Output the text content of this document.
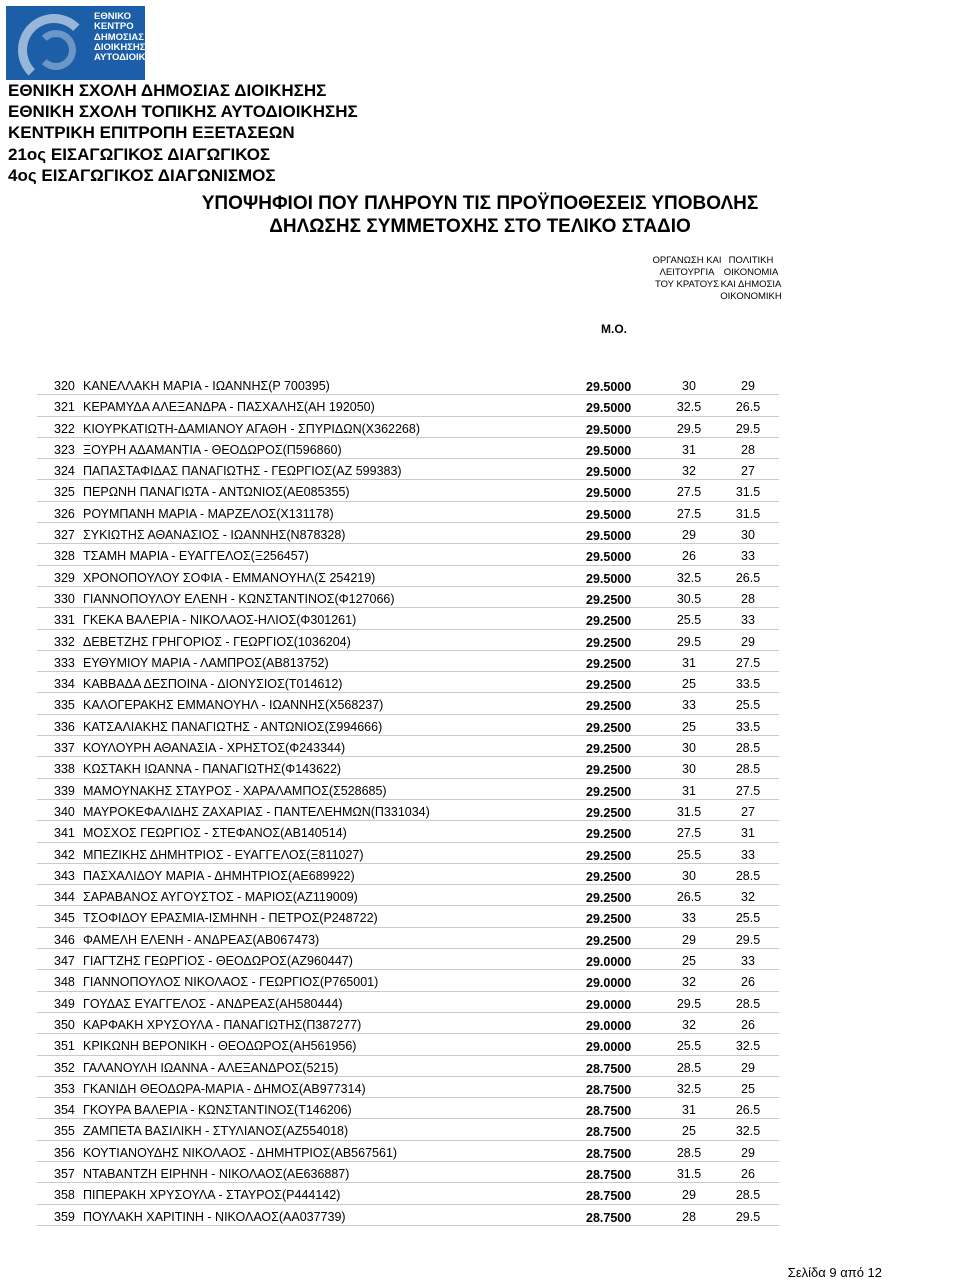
ΕΘΝΙΚΟ
ΚΕΝΤΡΟ
ΔΗΜΟΣΙΑΣ
ΔΙΟΙΚΗΣΗΣ &
ΑΥΤΟΔΙΟΙΚΗΣΗΣ
ΕΘΝΙΚΗ ΣΧΟΛΗ ΔΗΜΟΣΙΑΣ ΔΙΟΙΚΗΣΗΣ
ΕΘΝΙΚΗ ΣΧΟΛΗ ΤΟΠΙΚΗΣ ΑΥΤΟΔΙΟΙΚΗΣΗΣ
ΚΕΝΤΡΙΚΗ ΕΠΙΤΡΟΠΗ ΕΞΕΤΑΣΕΩΝ
21ος ΕΙΣΑΓΩΓΙΚΟΣ ΔΙΑΓΩΓΙΚΟΣ
4ος ΕΙΣΑΓΩΓΙΚΟΣ ΔΙΑΓΩΝΙΣΜΟΣ
ΥΠΟΨΗΦΙΟΙ ΠΟΥ ΠΛΗΡΟΥΝ ΤΙΣ ΠΡΟΫΠΟΘΕΣΕΙΣ ΥΠΟΒΟΛΗΣ
ΔΗΛΩΣΗΣ ΣΥΜΜΕΤΟΧΗΣ ΣΤΟ ΤΕΛΙΚΟ ΣΤΑΔΙΟ
ΟΡΓΑΝΩΣΗ ΚΑΙ
ΛΕΙΤΟΥΡΓΙΑ
ΤΟΥ ΚΡΑΤΟΥΣ
ΠΟΛΙΤΙΚΗ
ΟΙΚΟΝΟΜΙΑ
ΚΑΙ ΔΗΜΟΣΙΑ
ΟΙΚΟΝΟΜΙΚΗ
Μ.Ο.
320 ΚΑΝΕΛΛΑΚΗ ΜΑΡΙΑ - ΙΩΑΝΝΗΣ(Ρ 700395)	29.5000	30	29
321 ΚΕΡΑΜΥΔΑ ΑΛΕΞΑΝΔΡΑ - ΠΑΣΧΑΛΗΣ(ΑΗ 192050)	29.5000	32.5	26.5
322 ΚΙΟΥΡΚΑΤΙΩΤΗ-ΔΑΜΙΑΝΟΥ ΑΓΑΘΗ - ΣΠΥΡΙΔΩΝ(Χ362268)	29.5000	29.5	29.5
323 ΞΟΥΡΗ ΑΔΑΜΑΝΤΙΑ - ΘΕΟΔΩΡΟΣ(Π596860)	29.5000	31	28
324 ΠΑΠΑΣΤΑΦΙΔΑΣ ΠΑΝΑΓΙΩΤΗΣ - ΓΕΩΡΓΙΟΣ(ΑΖ 599383)	29.5000	32	27
325 ΠΕΡΩΝΗ ΠΑΝΑΓΙΩΤΑ - ΑΝΤΩΝΙΟΣ(ΑΕ085355)	29.5000	27.5	31.5
326 ΡΟΥΜΠΑΝΗ ΜΑΡΙΑ - ΜΑΡΖΕΛΟΣ(Χ131178)	29.5000	27.5	31.5
327 ΣΥΚΙΩΤΗΣ ΑΘΑΝΑΣΙΟΣ - ΙΩΑΝΝΗΣ(Ν878328)	29.5000	29	30
328 ΤΣΑΜΗ ΜΑΡΙΑ - ΕΥΑΓΓΕΛΟΣ(Ξ256457)	29.5000	26	33
329 ΧΡΟΝΟΠΟΥΛΟΥ ΣΟΦΙΑ - ΕΜΜΑΝΟΥΗΛ(Σ 254219)	29.5000	32.5	26.5
330 ΓΙΑΝΝΟΠΟΥΛΟΥ ΕΛΕΝΗ - ΚΩΝΣΤΑΝΤΙΝΟΣ(Φ127066)	29.2500	30.5	28
331 ΓΚΕΚΑ ΒΑΛΕΡΙΑ - ΝΙΚΟΛΑΟΣ-ΗΛΙΟΣ(Φ301261)	29.2500	25.5	33
332 ΔΕΒΕΤΖΗΣ ΓΡΗΓΟΡΙΟΣ - ΓΕΩΡΓΙΟΣ(1036204)	29.2500	29.5	29
333 ΕΥΘΥΜΙΟΥ ΜΑΡΙΑ - ΛΑΜΠΡΟΣ(ΑΒ813752)	29.2500	31	27.5
334 ΚΑΒΒΑΔΑ ΔΕΣΠΟΙΝΑ - ΔΙΟΝΥΣΙΟΣ(Τ014612)	29.2500	25	33.5
335 ΚΑΛΟΓΕΡΑΚΗΣ ΕΜΜΑΝΟΥΗΛ - ΙΩΑΝΝΗΣ(Χ568237)	29.2500	33	25.5
336 ΚΑΤΣΑΛΙΑΚΗΣ ΠΑΝΑΓΙΩΤΗΣ - ΑΝΤΩΝΙΟΣ(Σ994666)	29.2500	25	33.5
337 ΚΟΥΛΟΥΡΗ ΑΘΑΝΑΣΙΑ - ΧΡΗΣΤΟΣ(Φ243344)	29.2500	30	28.5
338 ΚΩΣΤΑΚΗ ΙΩΑΝΝΑ - ΠΑΝΑΓΙΩΤΗΣ(Φ143622)	29.2500	30	28.5
339 ΜΑΜΟΥΝΑΚΗΣ ΣΤΑΥΡΟΣ - ΧΑΡΑΛΑΜΠΟΣ(Σ528685)	29.2500	31	27.5
340 ΜΑΥΡΟΚΕΦΑΛΙΔΗΣ ΖΑΧΑΡΙΑΣ - ΠΑΝΤΕΛΕΗΜΩΝ(Π331034)	29.2500	31.5	27
341 ΜΟΣΧΟΣ ΓΕΩΡΓΙΟΣ - ΣΤΕΦΑΝΟΣ(ΑΒ140514)	29.2500	27.5	31
342 ΜΠΕΖΙΚΗΣ ΔΗΜΗΤΡΙΟΣ - ΕΥΑΓΓΕΛΟΣ(Ξ811027)	29.2500	25.5	33
343 ΠΑΣΧΑΛΙΔΟΥ ΜΑΡΙΑ - ΔΗΜΗΤΡΙΟΣ(ΑΕ689922)	29.2500	30	28.5
344 ΣΑΡΑΒΑΝΟΣ ΑΥΓΟΥΣΤΟΣ - ΜΑΡΙΟΣ(ΑΖ119009)	29.2500	26.5	32
345 ΤΣΟΦΙΔΟΥ ΕΡΑΣΜΙΑ-ΙΣΜΗΝΗ - ΠΕΤΡΟΣ(Ρ248722)	29.2500	33	25.5
346 ΦΑΜΕΛΗ ΕΛΕΝΗ - ΑΝΔΡΕΑΣ(ΑΒ067473)	29.2500	29	29.5
347 ΓΙΑΓΤΖΗΣ ΓΕΩΡΓΙΟΣ - ΘΕΟΔΩΡΟΣ(ΑΖ960447)	29.0000	25	33
348 ΓΙΑΝΝΟΠΟΥΛΟΣ ΝΙΚΟΛΑΟΣ - ΓΕΩΡΓΙΟΣ(Ρ765001)	29.0000	32	26
349 ΓΟΥΔΑΣ ΕΥΑΓΓΕΛΟΣ - ΑΝΔΡΕΑΣ(ΑΗ580444)	29.0000	29.5	28.5
350 ΚΑΡΦΑΚΗ ΧΡΥΣΟΥΛΑ - ΠΑΝΑΓΙΩΤΗΣ(Π387277)	29.0000	32	26
351 ΚΡΙΚΩΝΗ ΒΕΡΟΝΙΚΗ - ΘΕΟΔΩΡΟΣ(ΑΗ561956)	29.0000	25.5	32.5
352 ΓΑΛΑΝΟΥΛΗ ΙΩΑΝΝΑ - ΑΛΕΞΑΝΔΡΟΣ(5215)	28.7500	28.5	29
353 ΓΚΑΝΙΔΗ ΘΕΟΔΩΡΑ-ΜΑΡΙΑ - ΔΗΜΟΣ(ΑΒ977314)	28.7500	32.5	25
354 ΓΚΟΥΡΑ ΒΑΛΕΡΙΑ - ΚΩΝΣΤΑΝΤΙΝΟΣ(Τ146206)	28.7500	31	26.5
355 ΖΑΜΠΕΤΑ ΒΑΣΙΛΙΚΗ - ΣΤΥΛΙΑΝΟΣ(ΑΖ554018)	28.7500	25	32.5
356 ΚΟΥΤΙΑΝΟΥΔΗΣ ΝΙΚΟΛΑΟΣ - ΔΗΜΗΤΡΙΟΣ(ΑΒ567561)	28.7500	28.5	29
357 ΝΤΑΒΑΝΤΖΗ ΕΙΡΗΝΗ - ΝΙΚΟΛΑΟΣ(ΑΕ636887)	28.7500	31.5	26
358 ΠΙΠΕΡΑΚΗ ΧΡΥΣΟΥΛΑ - ΣΤΑΥΡΟΣ(Ρ444142)	28.7500	29	28.5
359 ΠΟΥΛΑΚΗ ΧΑΡΙΤΙΝΗ - ΝΙΚΟΛΑΟΣ(ΑΑ037739)	28.7500	28	29.5
Σελίδα 9 από 12
